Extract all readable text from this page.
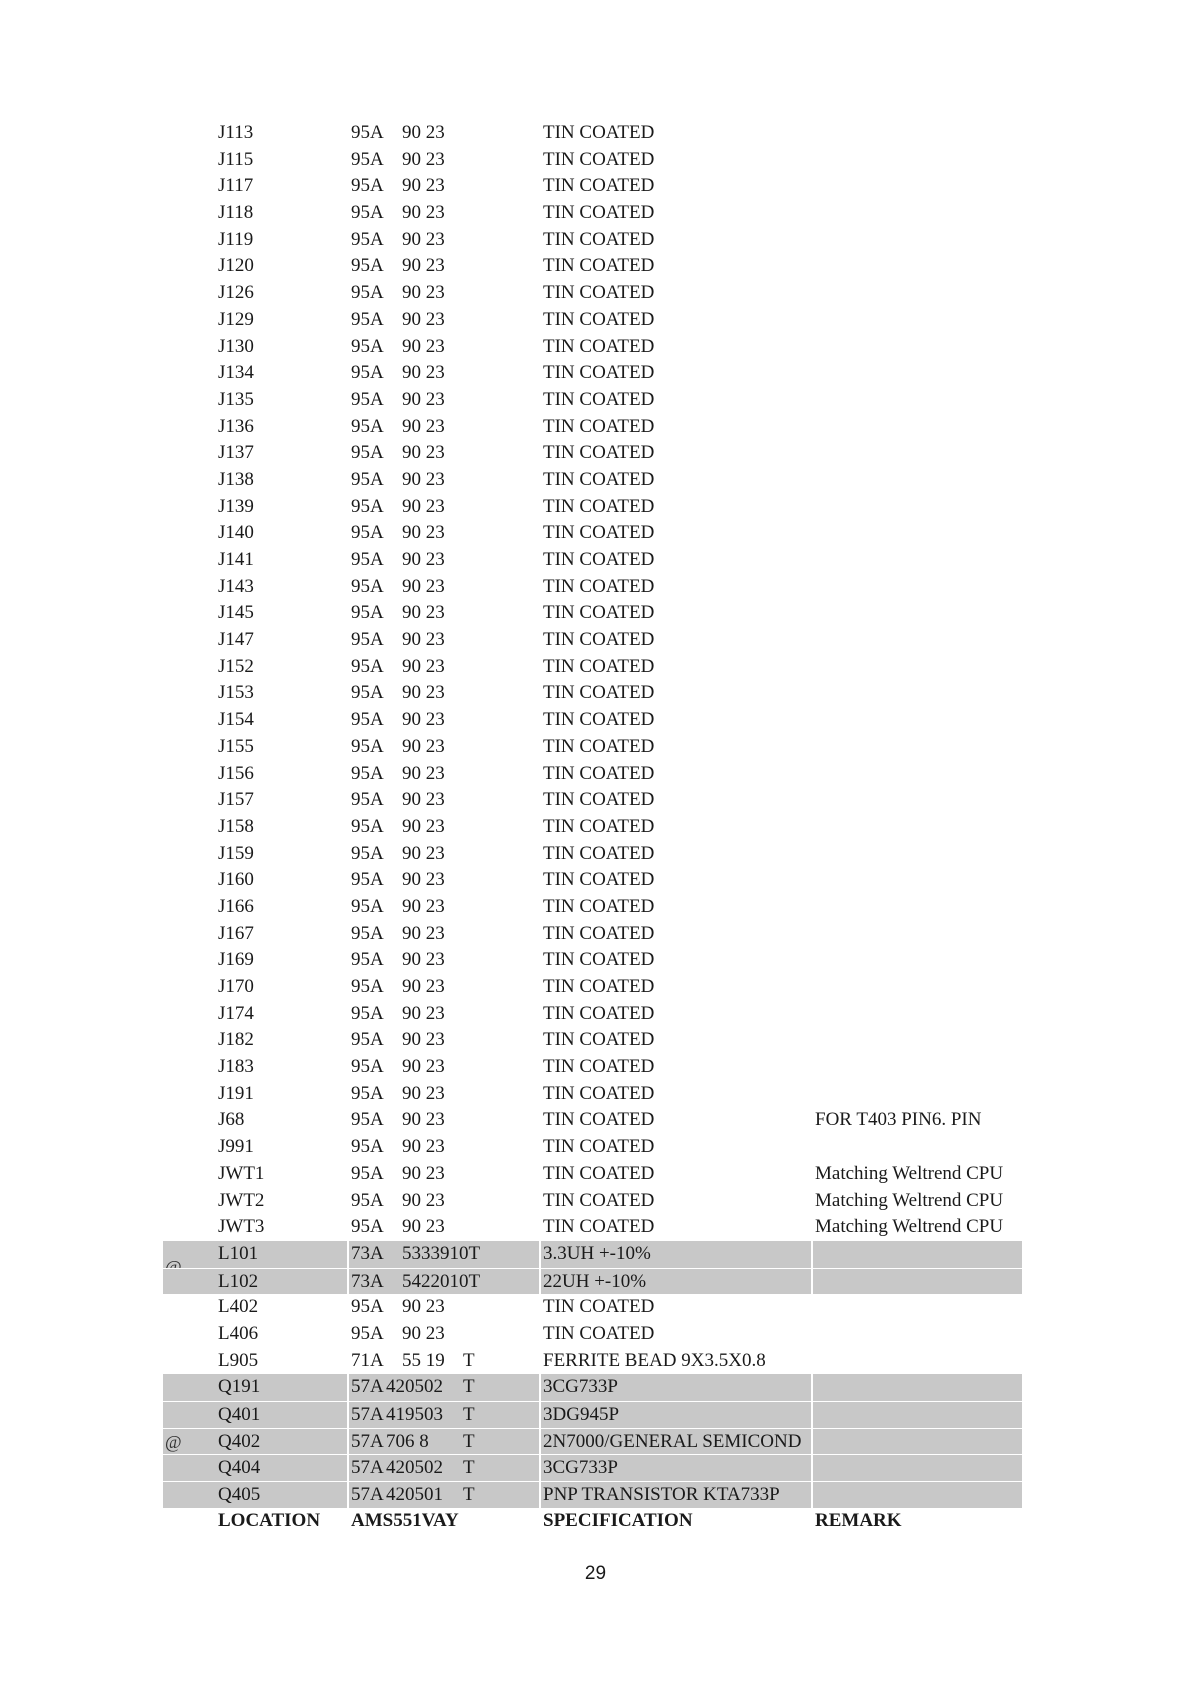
J113	95A 90 23	TIN COATED
J115	95A 90 23	TIN COATED
J117	95A 90 23	TIN COATED
J118	95A 90 23	TIN COATED
J119	95A 90 23	TIN COATED
J120	95A 90 23	TIN COATED
J126	95A 90 23	TIN COATED
J129	95A 90 23	TIN COATED
J130	95A 90 23	TIN COATED
J134	95A 90 23	TIN COATED
J135	95A 90 23	TIN COATED
J136	95A 90 23	TIN COATED
J137	95A 90 23	TIN COATED
J138	95A 90 23	TIN COATED
J139	95A 90 23	TIN COATED
J140	95A 90 23	TIN COATED
J141	95A 90 23	TIN COATED
J143	95A 90 23	TIN COATED
J145	95A 90 23	TIN COATED
J147	95A 90 23	TIN COATED
J152	95A 90 23	TIN COATED
J153	95A 90 23	TIN COATED
J154	95A 90 23	TIN COATED
J155	95A 90 23	TIN COATED
J156	95A 90 23	TIN COATED
J157	95A 90 23	TIN COATED
J158	95A 90 23	TIN COATED
J159	95A 90 23	TIN COATED
J160	95A 90 23	TIN COATED
J166	95A 90 23	TIN COATED
J167	95A 90 23	TIN COATED
J169	95A 90 23	TIN COATED
J170	95A 90 23	TIN COATED
J174	95A 90 23	TIN COATED
J182	95A 90 23	TIN COATED
J183	95A 90 23	TIN COATED
J191	95A 90 23	TIN COATED
J68	95A 90 23	TIN COATED	FOR T403 PIN6. PIN
J991	95A 90 23	TIN COATED
JWT1	95A 90 23	TIN COATED	Matching Weltrend CPU
JWT2	95A 90 23	TIN COATED	Matching Weltrend CPU
JWT3	95A 90 23	TIN COATED	Matching Weltrend CPU
L101	73A 5333910T	3.3UH +-10%
L102	73A 5422010T	22UH +-10%
L402	95A 90 23	TIN COATED
L406	95A 90 23	TIN COATED
L905	71A 55 19 T	FERRITE BEAD 9X3.5X0.8
Q191	57A 420502 T	3CG733P
Q401	57A 419503 T	3DG945P
@ Q402	57A 706 8 T	2N7000/GENERAL SEMICOND
Q404	57A 420502 T	3CG733P
Q405	57A 420501 T	PNP TRANSISTOR KTA733P
LOCATION	AMS551VAY	SPECIFICATION	REMARK
29
